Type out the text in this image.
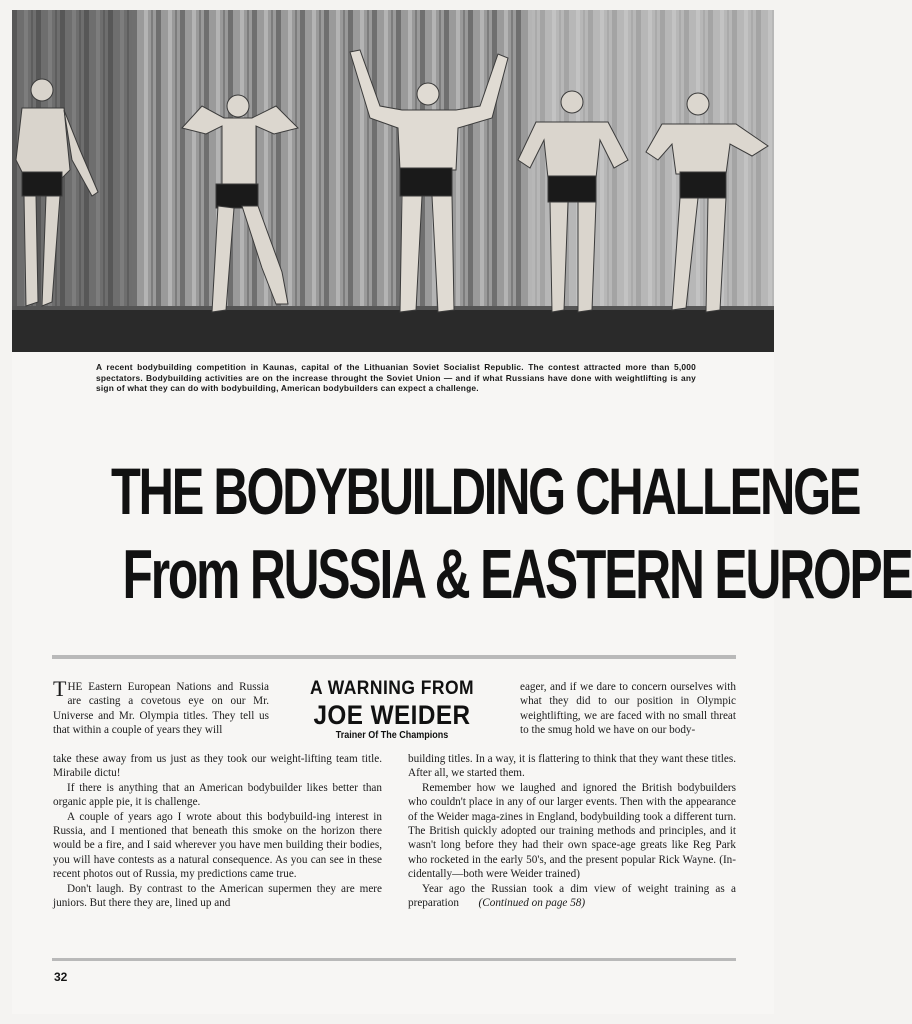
A recent bodybuilding competition in Kaunas, capital of the Lithuanian Soviet Socialist Republic. The contest attracted more than 5,000 spectators. Bodybuilding activities are on the increase throught the Soviet Union — and if what Russians have done with weightlifting is any sign of what they can do with bodybuilding, American bodybuilders can expect a challenge.
THE BODYBUILDING CHALLENGE
From RUSSIA & EASTERN EUROPE

THE Eastern European Nations and Russia are casting a covetous eye on our Mr. Universe and Mr. Olympia titles. They tell us that within a couple of years they will

A WARNING FROM
JOE WEIDER
Trainer Of The Champions

eager, and if we dare to concern ourselves with what they did to our position in Olympic weightlifting, we are faced with no small threat to the smug hold we have on our body-

take these away from us just as they took our weight-lifting team title. Mirabile dictu!

If there is anything that an American bodybuilder likes better than organic apple pie, it is challenge.

A couple of years ago I wrote about this bodybuild-ing interest in Russia, and I mentioned that beneath this smoke on the horizon there would be a fire, and I said wherever you have men building their bodies, you will have contests as a natural consequence. As you can see in these recent photos out of Russia, my predictions came true.

Don't laugh. By contrast to the American supermen they are mere juniors. But there they are, lined up and

building titles. In a way, it is flattering to think that they want these titles. After all, we started them.

Remember how we laughed and ignored the British bodybuilders who couldn't place in any of our larger events. Then with the appearance of the Weider maga-zines in England, bodybuilding took a different turn. The British quickly adopted our training methods and principles, and it wasn't long before they had their own space-age greats like Reg Park who rocketed in the early 50's, and the present popular Rick Wayne. (In-cidentally—both were Weider trained)

Year ago the Russian took a dim view of weight training as a preparation (Continued on page 58)

32
